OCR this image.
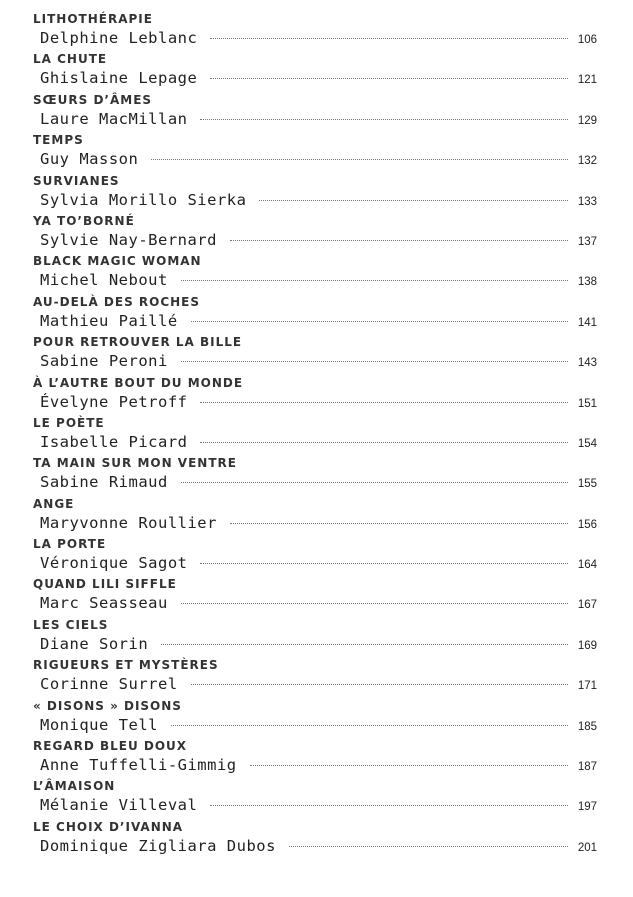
LITHOTHÉRAPIE
Delphine Leblanc	106
LA CHUTE
Ghislaine Lepage	121
SŒURS D’ÂMES
Laure MacMillan	129
TEMPS
Guy Masson	132
SURVIANES
Sylvia Morillo Sierka	133
YA TO’BORNÉ
Sylvie Nay-Bernard	137
BLACK MAGIC WOMAN
Michel Nebout	138
AU-DELÀ DES ROCHES
Mathieu Paillé	141
POUR RETROUVER LA BILLE
Sabine Peroni	143
À L’AUTRE BOUT DU MONDE
Évelyne Petroff	151
LE POÈTE
Isabelle Picard	154
TA MAIN SUR MON VENTRE
Sabine Rimaud	155
ANGE
Maryvonne Roullier	156
LA PORTE
Véronique Sagot	164
QUAND LILI SIFFLE
Marc Seasseau	167
LES CIELS
Diane Sorin	169
RIGUEURS ET MYSTÈRES
Corinne Surrel	171
« DISONS » DISONS
Monique Tell	185
REGARD BLEU DOUX
Anne Tuffelli-Gimmig	187
L’ÂMAISON
Mélanie Villeval	197
LE CHOIX D’IVANNA
Dominique Zigliara Dubos	201
